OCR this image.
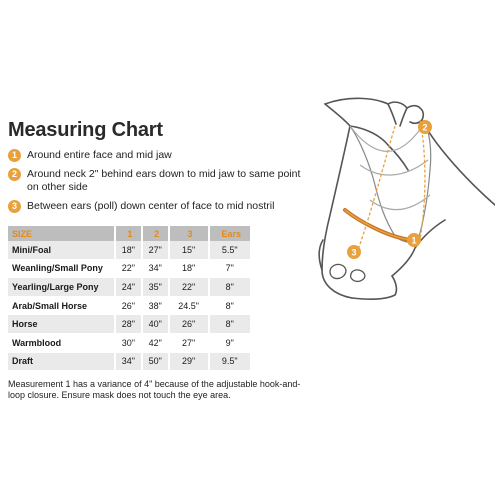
Measuring Chart
1 Around entire face and mid jaw
2 Around neck 2" behind ears down to mid jaw to same point on other side
3 Between ears (poll) down center of face to mid nostril
SIZE	1	2	3	Ears
Mini/Foal	18"	27"	15"	5.5"
Weanling/Small Pony	22"	34"	18"	7"
Yearling/Large Pony	24"	35"	22"	8"
Arab/Small Horse	26"	38"	24.5"	8"
Horse	28"	40"	26"	8"
Warmblood	30"	42"	27"	9"
Draft	34"	50"	29"	9.5"
Measurement 1 has a variance of 4" because of the adjustable hook-and-loop closure. Ensure mask does not touch the eye area.
2
3
1
